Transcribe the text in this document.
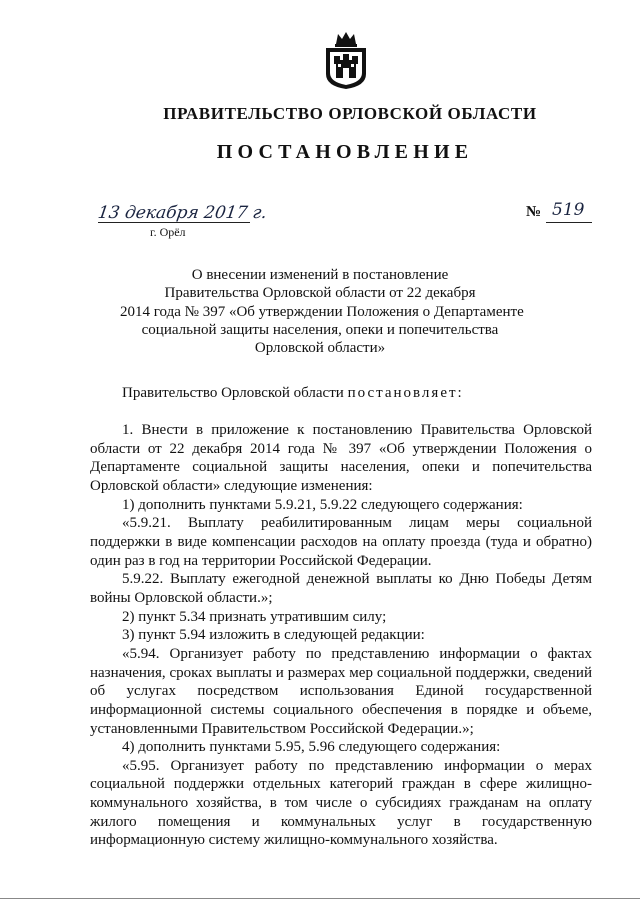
ПРАВИТЕЛЬСТВО ОРЛОВСКОЙ ОБЛАСТИ
ПОСТАНОВЛЕНИЕ
13 декабря 2017 г.
г. Орёл
№ 519
О внесении изменений в постановление
Правительства Орловской области от 22 декабря
2014 года № 397 «Об утверждении Положения о Департаменте
социальной защиты населения, опеки и попечительства
Орловской области»
Правительство Орловской области постановляет:

1. Внести в приложение к постановлению Правительства Орловской области от 22 декабря 2014 года № 397 «Об утверждении Положения о Департаменте социальной защиты населения, опеки и попечительства Орловской области» следующие изменения:

1) дополнить пунктами 5.9.21, 5.9.22 следующего содержания:

«5.9.21. Выплату реабилитированным лицам меры социальной поддержки в виде компенсации расходов на оплату проезда (туда и обратно) один раз в год на территории Российской Федерации.

5.9.22. Выплату ежегодной денежной выплаты ко Дню Победы Детям войны Орловской области.»;

2) пункт 5.34 признать утратившим силу;

3) пункт 5.94 изложить в следующей редакции:

«5.94. Организует работу по представлению информации о фактах назначения, сроках выплаты и размерах мер социальной поддержки, сведений об услугах посредством использования Единой государственной информационной системы социального обеспечения в порядке и объеме, установленными Правительством Российской Федерации.»;

4) дополнить пунктами 5.95, 5.96 следующего содержания:

«5.95. Организует работу по представлению информации о мерах социальной поддержки отдельных категорий граждан в сфере жилищно-коммунального хозяйства, в том числе о субсидиях гражданам на оплату жилого помещения и коммунальных услуг в государственную информационную систему жилищно-коммунального хозяйства.
